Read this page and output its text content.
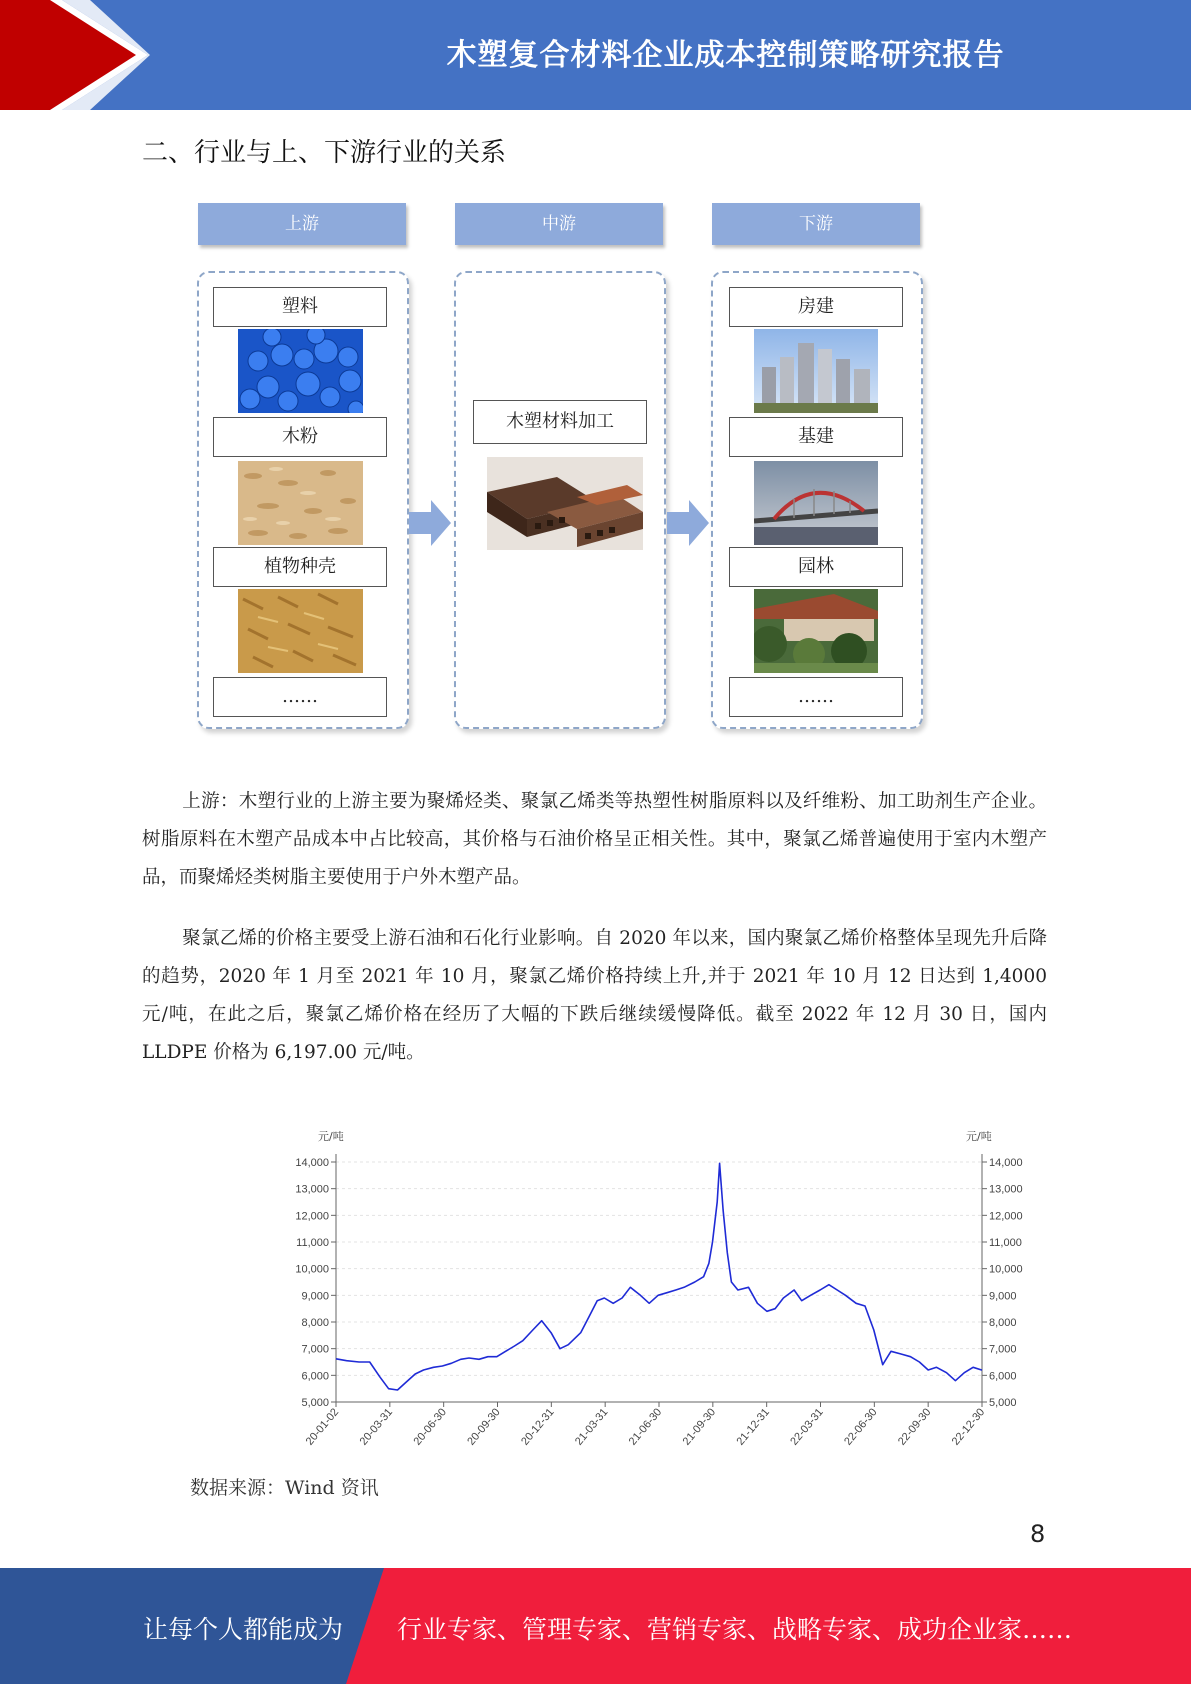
木塑复合材料企业成本控制策略研究报告
二、行业与上、下游行业的关系
上游	中游	下游
塑料
木粉
植物种壳
……
木塑材料加工
房建
基建
园林
……
上游：木塑行业的上游主要为聚烯烃类、聚氯乙烯类等热塑性树脂原料以及纤维粉、加工助剂生产企业。树脂原料在木塑产品成本中占比较高，其价格与石油价格呈正相关性。其中，聚氯乙烯普遍使用于室内木塑产品，而聚烯烃类树脂主要使用于户外木塑产品。
聚氯乙烯的价格主要受上游石油和石化行业影响。自 2020 年以来，国内聚氯乙烯价格整体呈现先升后降的趋势，2020 年 1 月至 2021 年 10 月，聚氯乙烯价格持续上升,并于 2021 年 10 月 12 日达到 1,4000 元/吨，在此之后，聚氯乙烯价格在经历了大幅的下跌后继续缓慢降低。截至 2022 年 12 月 30 日，国内 LLDPE 价格为 6,197.00 元/吨。
5,000	5,000
6,000	6,000
7,000	7,000
8,000	8,000
9,000	9,000
10,000	10,000
11,000	11,000
12,000	12,000
13,000	13,000
14,000	14,000
元/吨	元/吨
20-01-02 20-03-31 20-06-30 20-09-30 20-12-31 21-03-31 21-06-30 21-09-30 21-12-31 22-03-31 22-06-30 22-09-30 22-12-30
数据来源：Wind 资讯
8
让每个人都能成为 行业专家、管理专家、营销专家、战略专家、成功企业家……
